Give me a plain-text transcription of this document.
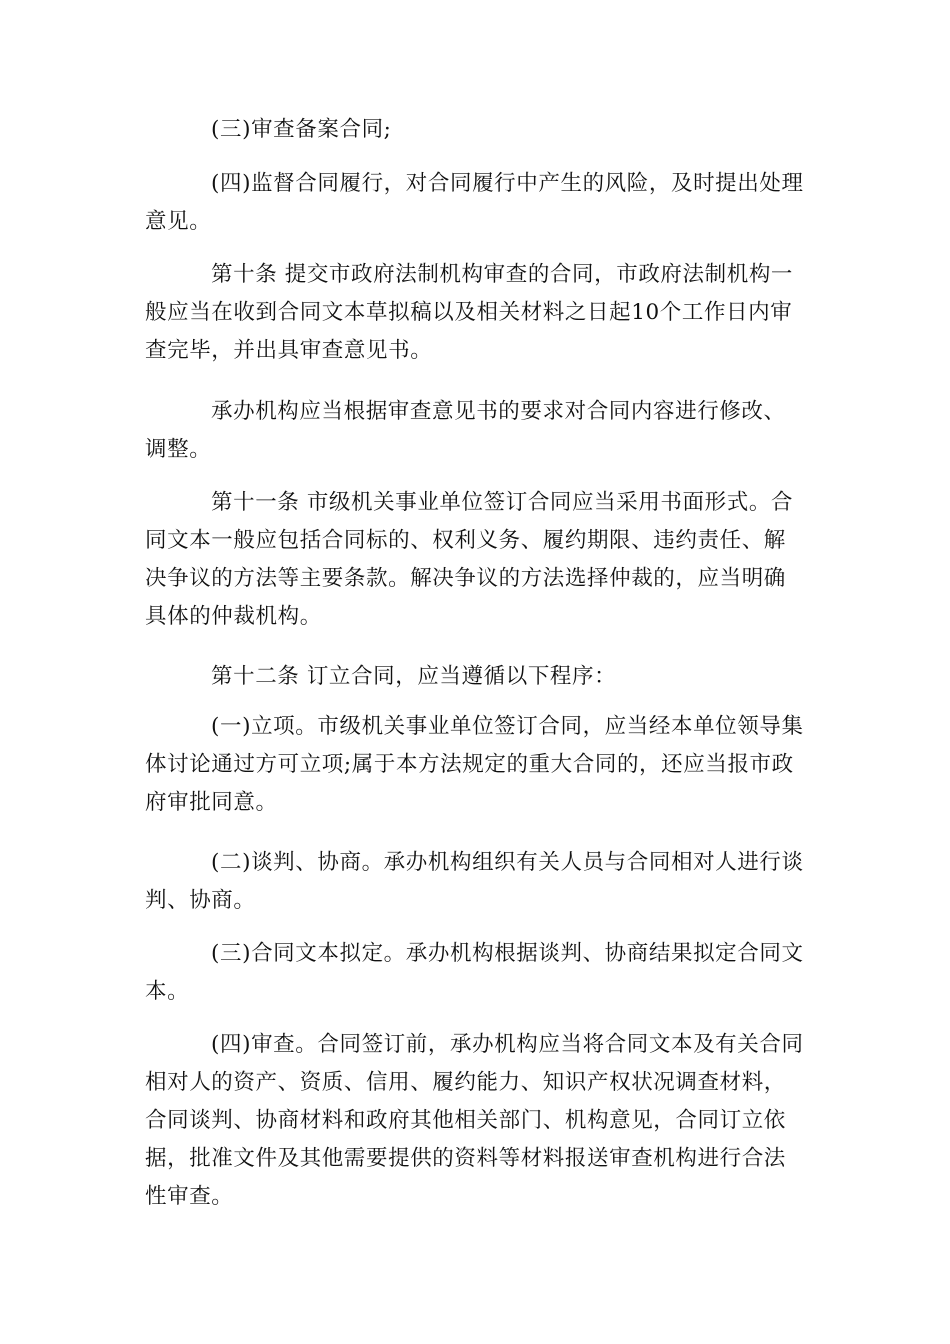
(三)审查备案合同;

(四)监督合同履行，对合同履行中产生的风险，及时提出处理意见。

第十条 提交市政府法制机构审查的合同，市政府法制机构一般应当在收到合同文本草拟稿以及相关材料之日起10个工作日内审查完毕，并出具审查意见书。

承办机构应当根据审查意见书的要求对合同内容进行修改、调整。

第十一条 市级机关事业单位签订合同应当采用书面形式。合同文本一般应包括合同标的、权利义务、履约期限、违约责任、解决争议的方法等主要条款。解决争议的方法选择仲裁的，应当明确具体的仲裁机构。

第十二条 订立合同，应当遵循以下程序：

(一)立项。市级机关事业单位签订合同，应当经本单位领导集体讨论通过方可立项;属于本方法规定的重大合同的，还应当报市政府审批同意。

(二)谈判、协商。承办机构组织有关人员与合同相对人进行谈判、协商。

(三)合同文本拟定。承办机构根据谈判、协商结果拟定合同文本。

(四)审查。合同签订前，承办机构应当将合同文本及有关合同相对人的资产、资质、信用、履约能力、知识产权状况调查材料，合同谈判、协商材料和政府其他相关部门、机构意见，合同订立依据，批准文件及其他需要提供的资料等材料报送审查机构进行合法性审查。
